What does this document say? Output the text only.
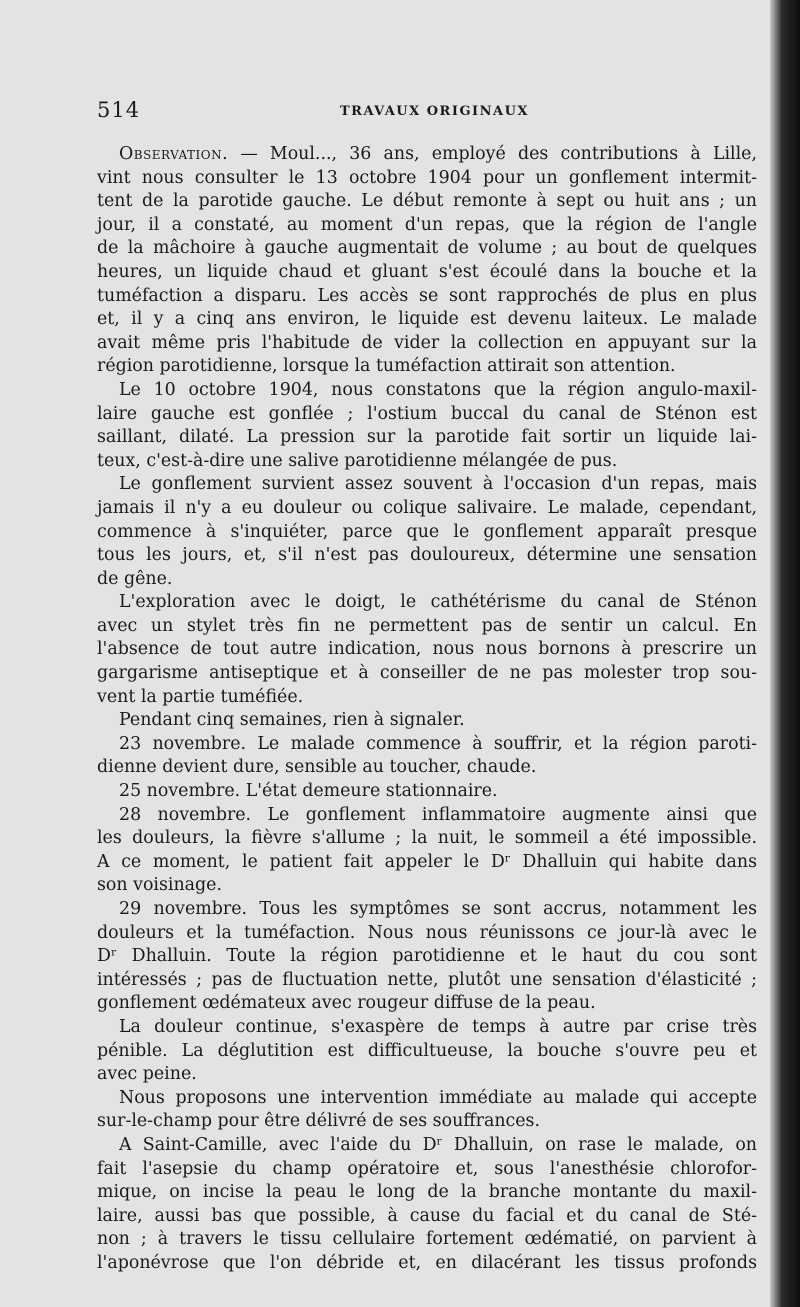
514	TRAVAUX ORIGINAUX
Observation. — Moul..., 36 ans, employé des contributions à Lille,
vint nous consulter le 13 octobre 1904 pour un gonflement intermit-
tent de la parotide gauche. Le début remonte à sept ou huit ans ; un
jour, il a constaté, au moment d'un repas, que la région de l'angle
de la mâchoire à gauche augmentait de volume ; au bout de quelques
heures, un liquide chaud et gluant s'est écoulé dans la bouche et la
tuméfaction a disparu. Les accès se sont rapprochés de plus en plus
et, il y a cinq ans environ, le liquide est devenu laiteux. Le malade
avait même pris l'habitude de vider la collection en appuyant sur la
région parotidienne, lorsque la tuméfaction attirait son attention.
Le 10 octobre 1904, nous constatons que la région angulo-maxil-
laire gauche est gonflée ; l'ostium buccal du canal de Sténon est
saillant, dilaté. La pression sur la parotide fait sortir un liquide lai-
teux, c'est-à-dire une salive parotidienne mélangée de pus.
Le gonflement survient assez souvent à l'occasion d'un repas, mais
jamais il n'y a eu douleur ou colique salivaire. Le malade, cependant,
commence à s'inquiéter, parce que le gonflement apparaît presque
tous les jours, et, s'il n'est pas douloureux, détermine une sensation
de gêne.
L'exploration avec le doigt, le cathétérisme du canal de Sténon
avec un stylet très fin ne permettent pas de sentir un calcul. En
l'absence de tout autre indication, nous nous bornons à prescrire un
gargarisme antiseptique et à conseiller de ne pas molester trop sou-
vent la partie tuméfiée.
Pendant cinq semaines, rien à signaler.
23 novembre. Le malade commence à souffrir, et la région paroti-
dienne devient dure, sensible au toucher, chaude.
25 novembre. L'état demeure stationnaire.
28 novembre. Le gonflement inflammatoire augmente ainsi que
les douleurs, la fièvre s'allume ; la nuit, le sommeil a été impossible.
A ce moment, le patient fait appeler le Dʳ Dhalluin qui habite dans
son voisinage.
29 novembre. Tous les symptômes se sont accrus, notamment les
douleurs et la tuméfaction. Nous nous réunissons ce jour-là avec le
Dʳ Dhalluin. Toute la région parotidienne et le haut du cou sont
intéressés ; pas de fluctuation nette, plutôt une sensation d'élasticité ;
gonflement œdémateux avec rougeur diffuse de la peau.
La douleur continue, s'exaspère de temps à autre par crise très
pénible. La déglutition est difficultueuse, la bouche s'ouvre peu et
avec peine.
Nous proposons une intervention immédiate au malade qui accepte
sur-le-champ pour être délivré de ses souffrances.
A Saint-Camille, avec l'aide du Dʳ Dhalluin, on rase le malade, on
fait l'asepsie du champ opératoire et, sous l'anesthésie chlorofor-
mique, on incise la peau le long de la branche montante du maxil-
laire, aussi bas que possible, à cause du facial et du canal de Sté-
non ; à travers le tissu cellulaire fortement œdématié, on parvient à
l'aponévrose que l'on débride et, en dilacérant les tissus profonds
